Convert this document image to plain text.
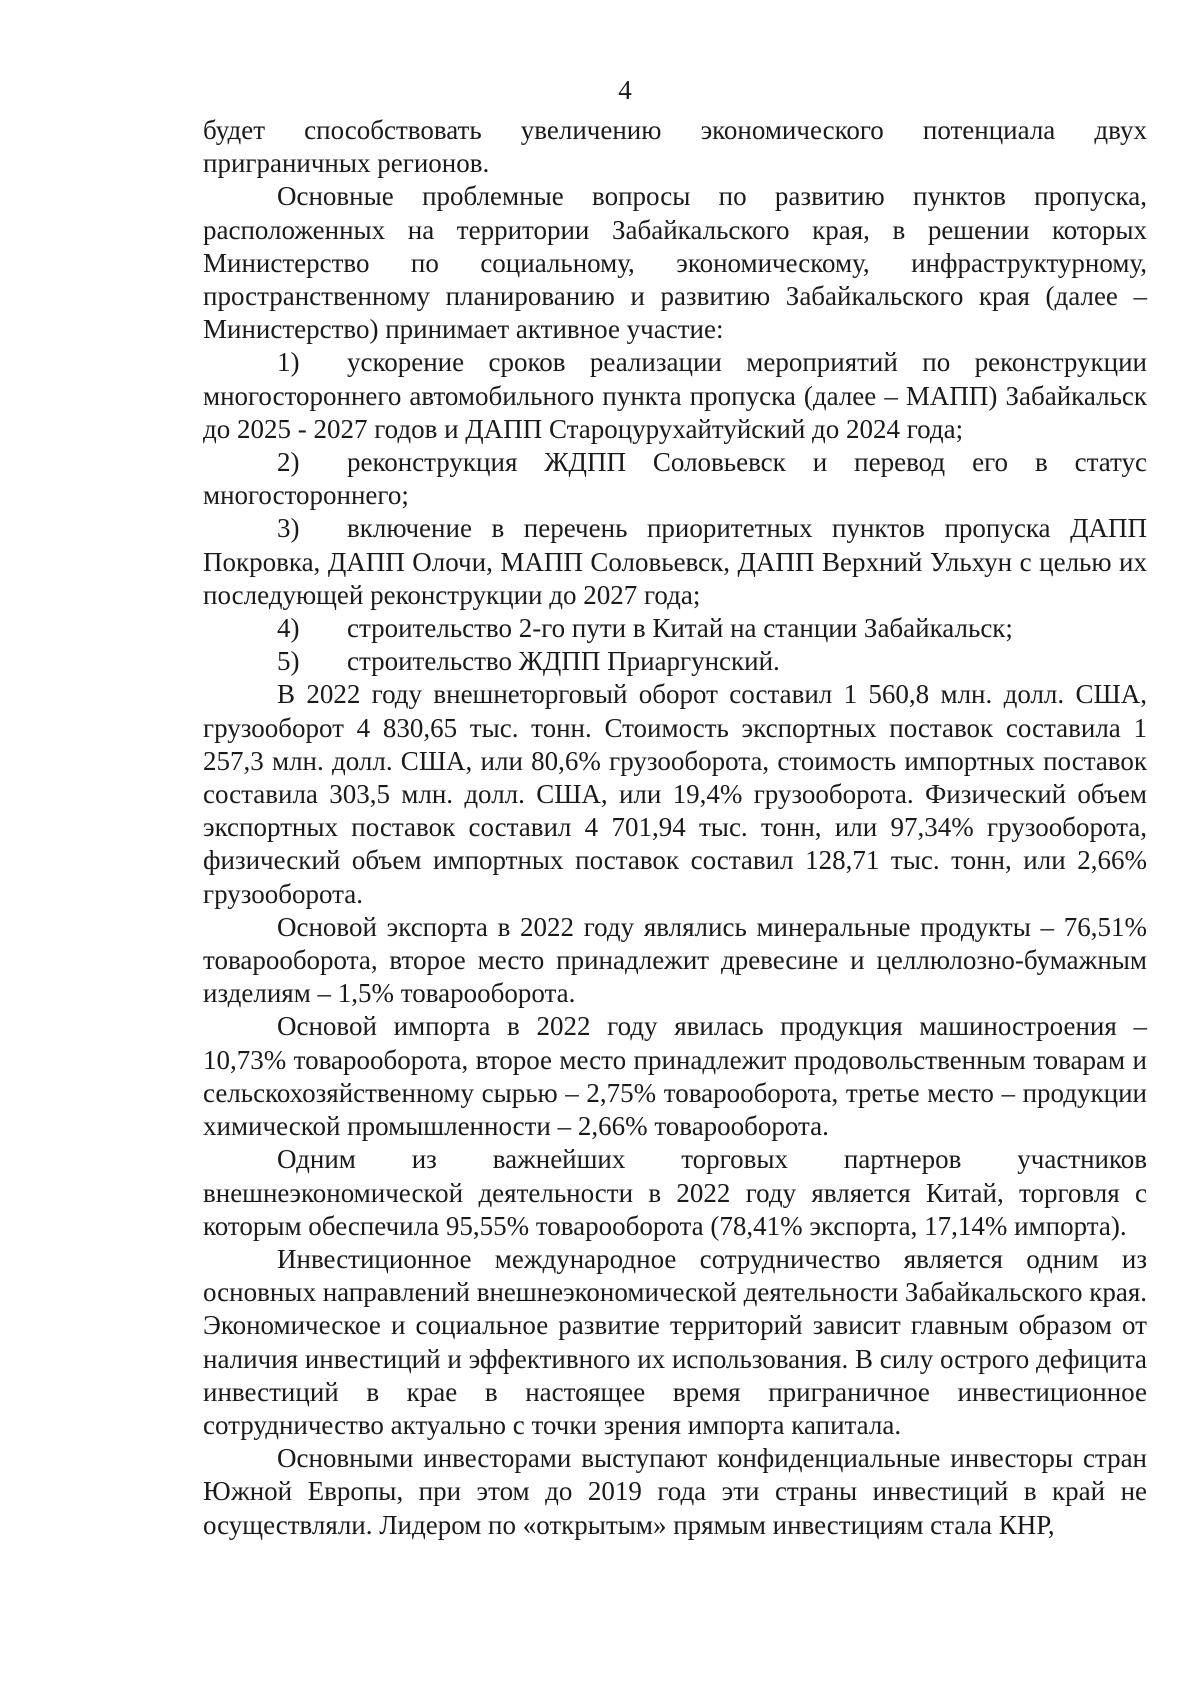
4

будет способствовать увеличению экономического потенциала двух приграничных регионов.

Основные проблемные вопросы по развитию пунктов пропуска, расположенных на территории Забайкальского края, в решении которых Министерство по социальному, экономическому, инфраструктурному, пространственному планированию и развитию Забайкальского края (далее – Министерство) принимает активное участие:

1) ускорение сроков реализации мероприятий по реконструкции многостороннего автомобильного пункта пропуска (далее – МАПП) Забайкальск до 2025 - 2027 годов и ДАПП Староцурухайтуйский до 2024 года;

2) реконструкция ЖДПП Соловьевск и перевод его в статус многостороннего;

3) включение в перечень приоритетных пунктов пропуска ДАПП Покровка, ДАПП Олочи, МАПП Соловьевск, ДАПП Верхний Ульхун с целью их последующей реконструкции до 2027 года;

4) строительство 2-го пути в Китай на станции Забайкальск;

5) строительство ЖДПП Приаргунский.

В 2022 году внешнеторговый оборот составил 1 560,8 млн. долл. США, грузооборот 4 830,65 тыс. тонн. Стоимость экспортных поставок составила 1 257,3 млн. долл. США, или 80,6% грузооборота, стоимость импортных поставок составила 303,5 млн. долл. США, или 19,4% грузооборота. Физический объем экспортных поставок составил 4 701,94 тыс. тонн, или 97,34% грузооборота, физический объем импортных поставок составил 128,71 тыс. тонн, или 2,66% грузооборота.

Основой экспорта в 2022 году являлись минеральные продукты – 76,51% товарооборота, второе место принадлежит древесине и целлюлозно-бумажным изделиям – 1,5% товарооборота.

Основой импорта в 2022 году явилась продукция машиностроения – 10,73% товарооборота, второе место принадлежит продовольственным товарам и сельскохозяйственному сырью – 2,75% товарооборота, третье место – продукции химической промышленности – 2,66% товарооборота.

Одним из важнейших торговых партнеров участников внешнеэкономической деятельности в 2022 году является Китай, торговля с которым обеспечила 95,55% товарооборота (78,41% экспорта, 17,14% импорта).

Инвестиционное международное сотрудничество является одним из основных направлений внешнеэкономической деятельности Забайкальского края. Экономическое и социальное развитие территорий зависит главным образом от наличия инвестиций и эффективного их использования. В силу острого дефицита инвестиций в крае в настоящее время приграничное инвестиционное сотрудничество актуально с точки зрения импорта капитала.

Основными инвесторами выступают конфиденциальные инвесторы стран Южной Европы, при этом до 2019 года эти страны инвестиций в край не осуществляли. Лидером по «открытым» прямым инвестициям стала КНР,
